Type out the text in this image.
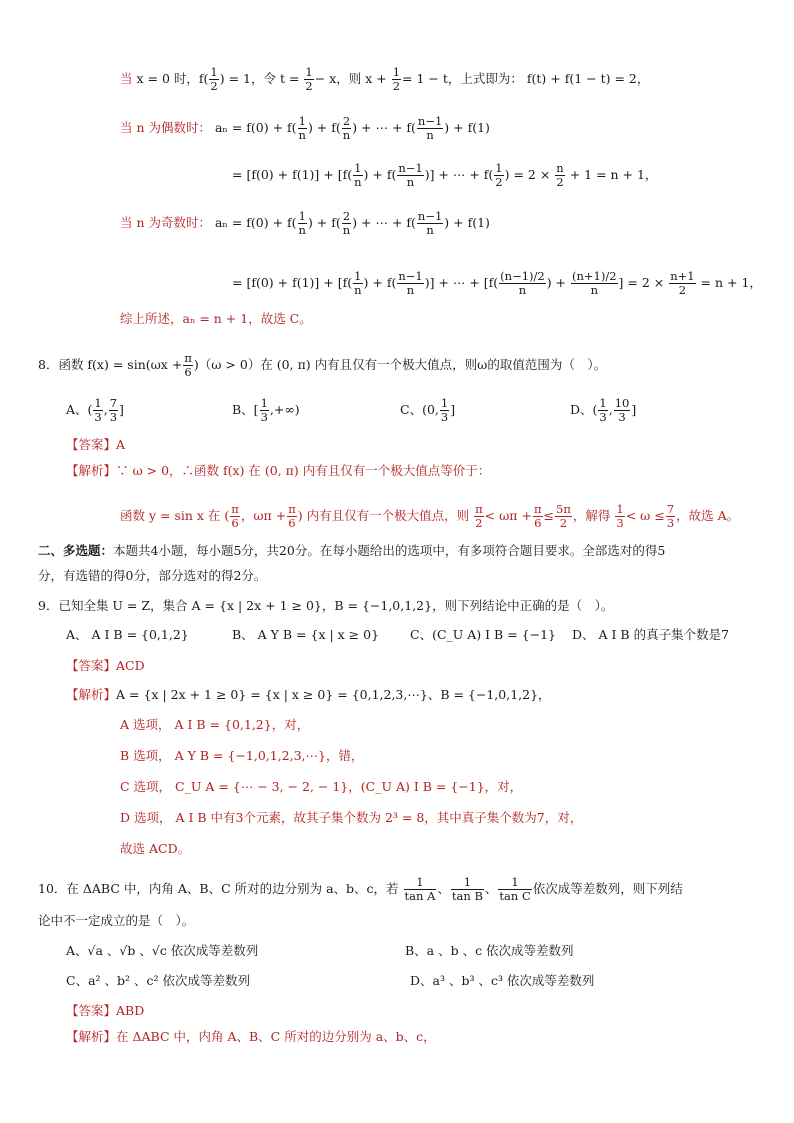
当 x = 0 时，$f( \frac{1}{2}$ ) = 1，令 $t = \frac{1}{2} - x$，则 $x + \frac{1}{2} = 1 - t$，上式即为： f(t) + f(1 − t) = 2，
当 n 为偶数时： $a_n = f(0) + f( \frac{1}{n}$ ) + $f( \frac{2}{n}$ ) + ⋯ + $f( \frac{n-1}{n}$ ) + f(1)
= $[f(0) + f(1)] + [f( \frac{1}{n}$ ) + $f( \frac{n-1}{n}$ )] + ⋯ + $f( \frac{1}{2}$ ) = $2 \times \frac{n}{2} + 1 = n + 1$，
当 n 为奇数时： $a_n = f(0) + f( \frac{1}{n}$ ) + $f( \frac{2}{n}$ ) + ⋯ + $f( \frac{n-1}{n}$ ) + f(1)
= $[f(0) + f(1)] + [f( \frac{1}{n}$ ) + $f( \frac{n-1}{n}$ )] + ⋯ + [$f( \frac{(n-1)/2}{n}$ ) + $\frac{(n+1)/2}{n}$ ] = $2 \times \frac{n+1}{2} = n + 1$，
综上所述，aₙ = n + 1，故选 C。
8．函数 $f(x) = \sin(\omega x + \frac{\pi}{6} )(\omega > 0)$在 (0, π) 内有且仅有一个极大值点，则ω的取值范围为（　）。
A、( $\frac{1}{3}$ , $\frac{7}{3}$ ]	B、[ $\frac{1}{3}$ ,+∞)	C、(0, $\frac{1}{3}$ ]	D、( $\frac{1}{3}$ , $\frac{10}{3}$ ]
【答案】A
【解析】∵ ω > 0，∴函数 f(x) 在 (0, π) 内有且仅有一个极大值点等价于：
函数 y = sin x 在 ( $\frac{\pi}{6}$ ，$\omega\pi + \frac{\pi}{6}$ ) 内有且仅有一个极大值点，则 $\frac{\pi}{2} < \omega\pi + \frac{\pi}{6} \le \frac{5\pi}{2}$ ，解得 $\frac{1}{3} < \omega \le \frac{7}{3}$ ，故选 A。
二、多选题：本题共4小题，每小题5分，共20分。在每小题给出的选项中，有多项符合题目要求。全部选对的得5
分，有选错的得0分，部分选对的得2分。
9．已知全集 U = Z，集合 A = {x | 2x + 1 ≥ 0}，B = {−1,0,1,2}，则下列结论中正确的是（　）。
A、 A I B = {0,1,2}	B、 A Y B = {x | x ≥ 0} C、(C_U A) I B = {−1} D、 A I B 的真子集个数是7
【答案】ACD
【解析】A = {x | 2x + 1 ≥ 0} = {x | x ≥ 0} = {0,1,2,3,⋯}、B = {−1,0,1,2}，
A 选项， A I B = {0,1,2}，对，
B 选项， A Y B = {−1,0,1,2,3,⋯}，错，
C 选项， C_U A = {⋯ − 3, − 2, − 1}，(C_U A) I B = {−1}，对，
D 选项， A I B 中有3个元素，故其子集个数为 2³ = 8，其中真子集个数为7，对，
故选 ACD。
10．在 ΔABC 中，内角 A、B、C 所对的边分别为 a、b、c，若 $\frac{1}{\text{tan A}}$ 、 $\frac{1}{\text{tan B}}$ 、 $\frac{1}{\text{tan C}}$ 依次成等差数列，则下列结
论中不一定成立的是（　）。
A、√a 、√b 、√c 依次成等差数列	B、a 、b 、c 依次成等差数列
C、a² 、b² 、c² 依次成等差数列	D、a³ 、b³ 、c³ 依次成等差数列
【答案】ABD
【解析】在 ΔABC 中，内角 A、B、C 所对的边分别为 a、b、c，
